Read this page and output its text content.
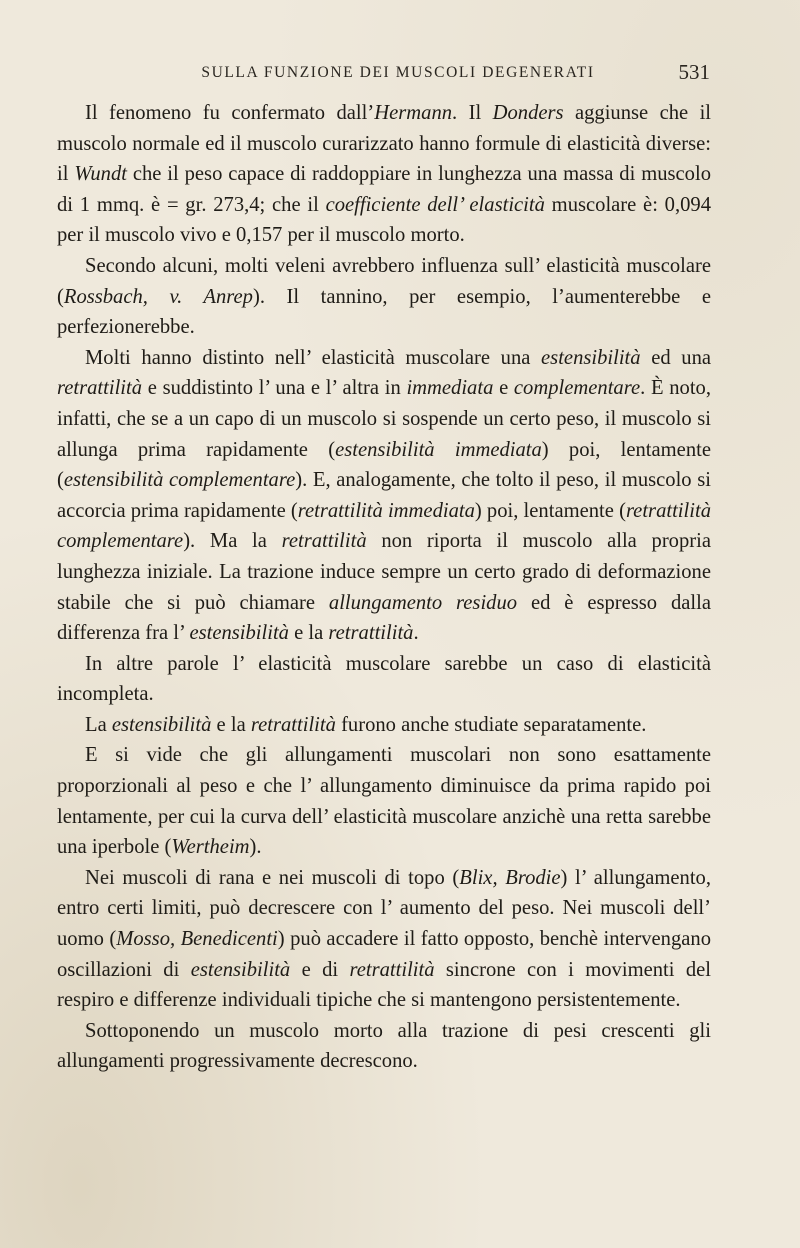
SULLA FUNZIONE DEI MUSCOLI DEGENERATI	531

Il fenomeno fu confermato dall’Hermann. Il Donders aggiunse che il muscolo normale ed il muscolo curarizzato hanno formule di elasticità diverse: il Wundt che il peso capace di raddoppiare in lunghezza una massa di muscolo di 1 mmq. è = gr. 273,4; che il coefficiente dell’ elasticità muscolare è: 0,094 per il muscolo vivo e 0,157 per il muscolo morto.

Secondo alcuni, molti veleni avrebbero influenza sull’ elasticità muscolare (Rossbach, v. Anrep). Il tannino, per esempio, l’aumenterebbe e perfezionerebbe.

Molti hanno distinto nell’ elasticità muscolare una estensibilità ed una retrattilità e suddistinto l’ una e l’ altra in immediata e complementare. È noto, infatti, che se a un capo di un muscolo si sospende un certo peso, il muscolo si allunga prima rapidamente (estensibilità immediata) poi, lentamente (estensibilità complementare). E, analogamente, che tolto il peso, il muscolo si accorcia prima rapidamente (retrattilità immediata) poi, lentamente (retrattilità complementare). Ma la retrattilità non riporta il muscolo alla propria lunghezza iniziale. La trazione induce sempre un certo grado di deformazione stabile che si può chiamare allungamento residuo ed è espresso dalla differenza fra l’ estensibilità e la retrattilità.

In altre parole l’ elasticità muscolare sarebbe un caso di elasticità incompleta.

La estensibilità e la retrattilità furono anche studiate separatamente.

E si vide che gli allungamenti muscolari non sono esattamente proporzionali al peso e che l’ allungamento diminuisce da prima rapido poi lentamente, per cui la curva dell’ elasticità muscolare anzichè una retta sarebbe una iperbole (Wertheim).

Nei muscoli di rana e nei muscoli di topo (Blix, Brodie) l’ allungamento, entro certi limiti, può decrescere con l’ aumento del peso. Nei muscoli dell’ uomo (Mosso, Benedicenti) può accadere il fatto opposto, benchè intervengano oscillazioni di estensibilità e di retrattilità sincrone con i movimenti del respiro e differenze individuali tipiche che si mantengono persistentemente.

Sottoponendo un muscolo morto alla trazione di pesi crescenti gli allungamenti progressivamente decrescono.
